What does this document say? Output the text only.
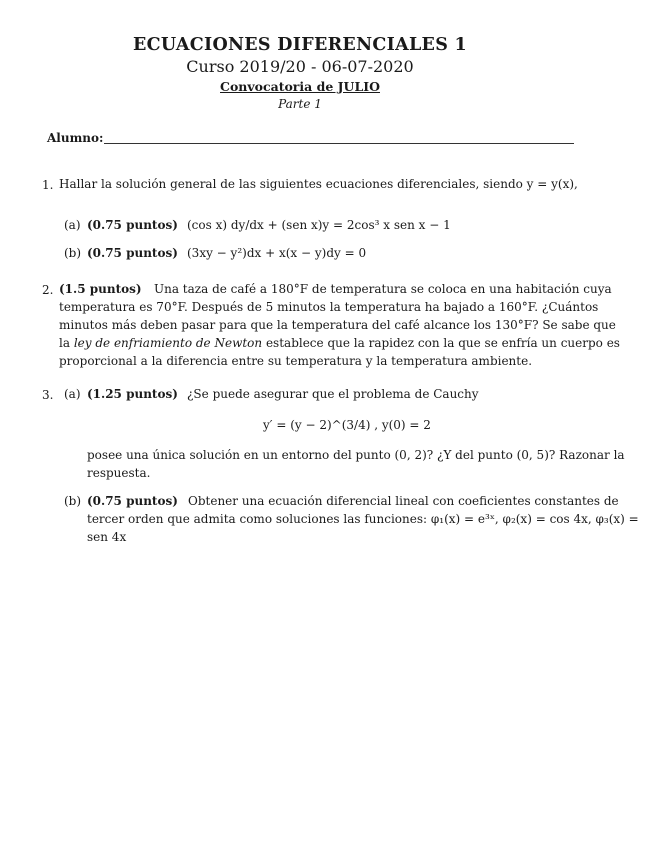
ECUACIONES DIFERENCIALES 1
Curso 2019/20 - 06-07-2020
Convocatoria de JULIO
Parte 1
Alumno:
1. Hallar la solución general de las siguientes ecuaciones diferenciales, siendo y = y(x),
(a) (0.75 puntos) (cos x) dy/dx + (sen x)y = 2cos³ x sen x − 1
(b) (0.75 puntos) (3xy − y²)dx + x(x − y)dy = 0
2. (1.5 puntos) Una taza de café a 180°F de temperatura se coloca en una habitación cuya
temperatura es 70°F. Después de 5 minutos la temperatura ha bajado a 160°F. ¿Cuántos
minutos más deben pasar para que la temperatura del café alcance los 130°F? Se sabe que
la ley de enfriamiento de Newton establece que la rapidez con la que se enfría un cuerpo es
proporcional a la diferencia entre su temperatura y la temperatura ambiente.
3. (a) (1.25 puntos) ¿Se puede asegurar que el problema de Cauchy
y′ = (y − 2)^(3/4) , y(0) = 2
posee una única solución en un entorno del punto (0, 2)? ¿Y del punto (0, 5)? Razonar la
respuesta.
(b) (0.75 puntos) Obtener una ecuación diferencial lineal con coeficientes constantes de
tercer orden que admita como soluciones las funciones: φ₁(x) = e³ˣ, φ₂(x) = cos 4x, φ₃(x) =
sen 4x
